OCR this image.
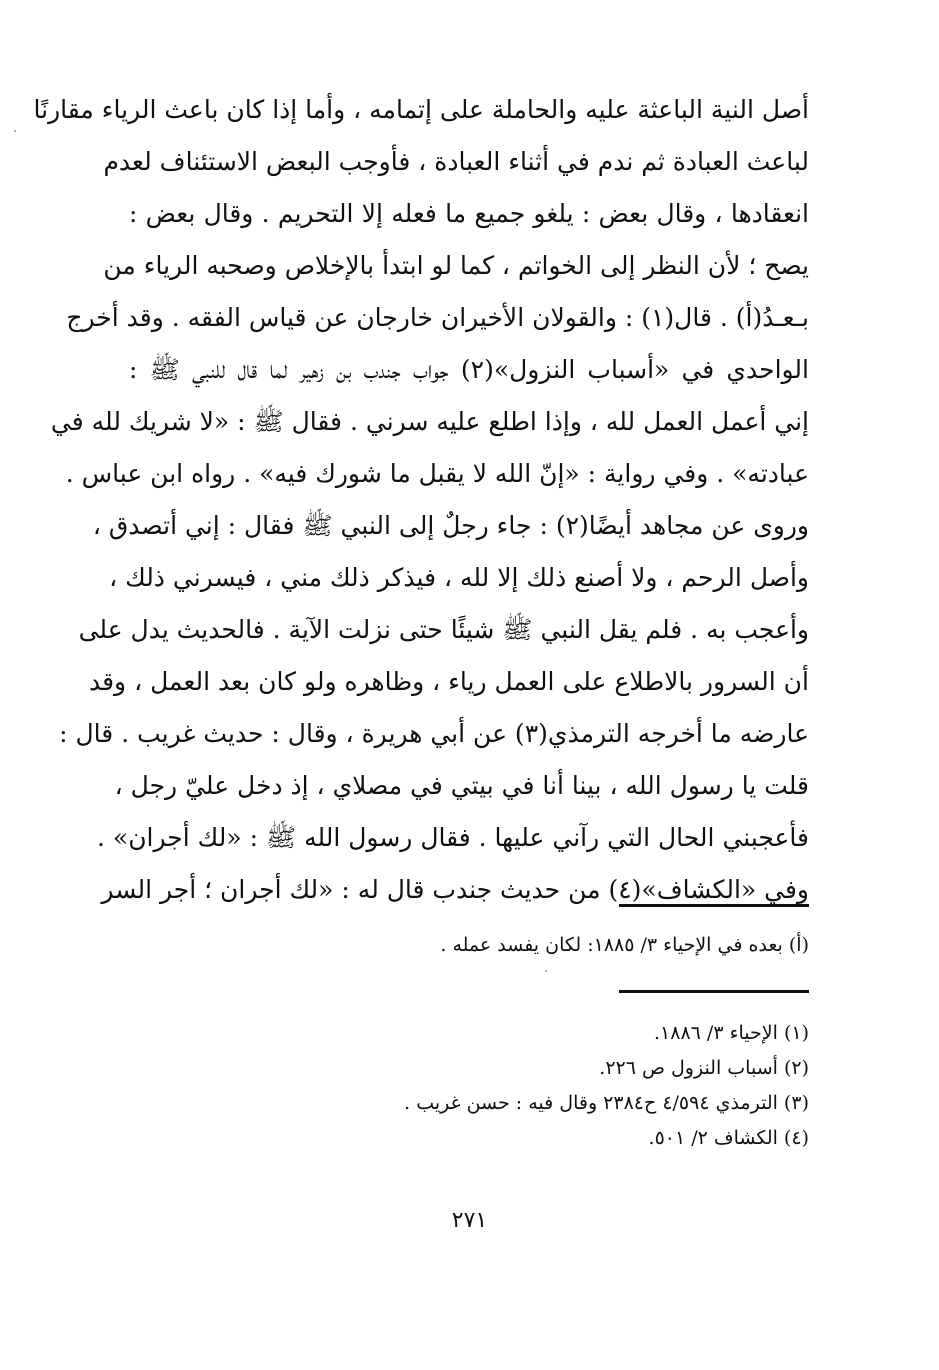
أصل النية الباعثة عليه والحاملة على إتمامه ، وأما إذا كان باعث الرياء مقارنًا
لباعث العبادة ثم ندم في أثناء العبادة ، فأوجب البعض الاستئناف لعدم
انعقادها ، وقال بعض : يلغو جميع ما فعله إلا التحريم . وقال بعض :
يصح ؛ لأن النظر إلى الخواتم ، كما لو ابتدأ بالإخلاص وصحبه الرياء من
بـعـدُ(أ) . قال(١) : والقولان الأخيران خارجان عن قياس الفقه . وقد أخرج
الواحدي في «أسباب النزول»(٢) جواب جندب بن زهير لما قال للنبي ﷺ :
إني أعمل العمل لله ، وإذا اطلع عليه سرني . فقال ﷺ : «لا شريك لله في
عبادته» . وفي رواية : «إنّ الله لا يقبل ما شورك فيه» . رواه ابن عباس .
وروى عن مجاهد أيضًا(٢) : جاء رجلٌ إلى النبي ﷺ فقال : إني أتصدق ،
وأصل الرحم ، ولا أصنع ذلك إلا لله ، فيذكر ذلك مني ، فيسرني ذلك ،
وأعجب به . فلم يقل النبي ﷺ شيئًا حتى نزلت الآية . فالحديث يدل على
أن السرور بالاطلاع على العمل رياء ، وظاهره ولو كان بعد العمل ، وقد
عارضه ما أخرجه الترمذي(٣) عن أبي هريرة ، وقال : حديث غريب . قال :
قلت يا رسول الله ، بينا أنا في بيتي في مصلاي ، إذ دخل عليّ رجل ،
فأعجبني الحال التي رآني عليها . فقال رسول الله ﷺ : «لك أجران» .
وفي «الكشاف»(٤) من حديث جندب قال له : «لك أجران ؛ أجر السر
(أ) بعده في الإحياء ٣/ ١٨٨٥: لكان يفسد عمله .
(١) الإحياء ٣/ ١٨٨٦.
(٢) أسباب النزول ص ٢٢٦.
(٣) الترمذي ٤/٥٩٤ ح٢٣٨٤ وقال فيه : حسن غريب .
(٤) الكشاف ٢/ ٥٠١.
٢٧١
